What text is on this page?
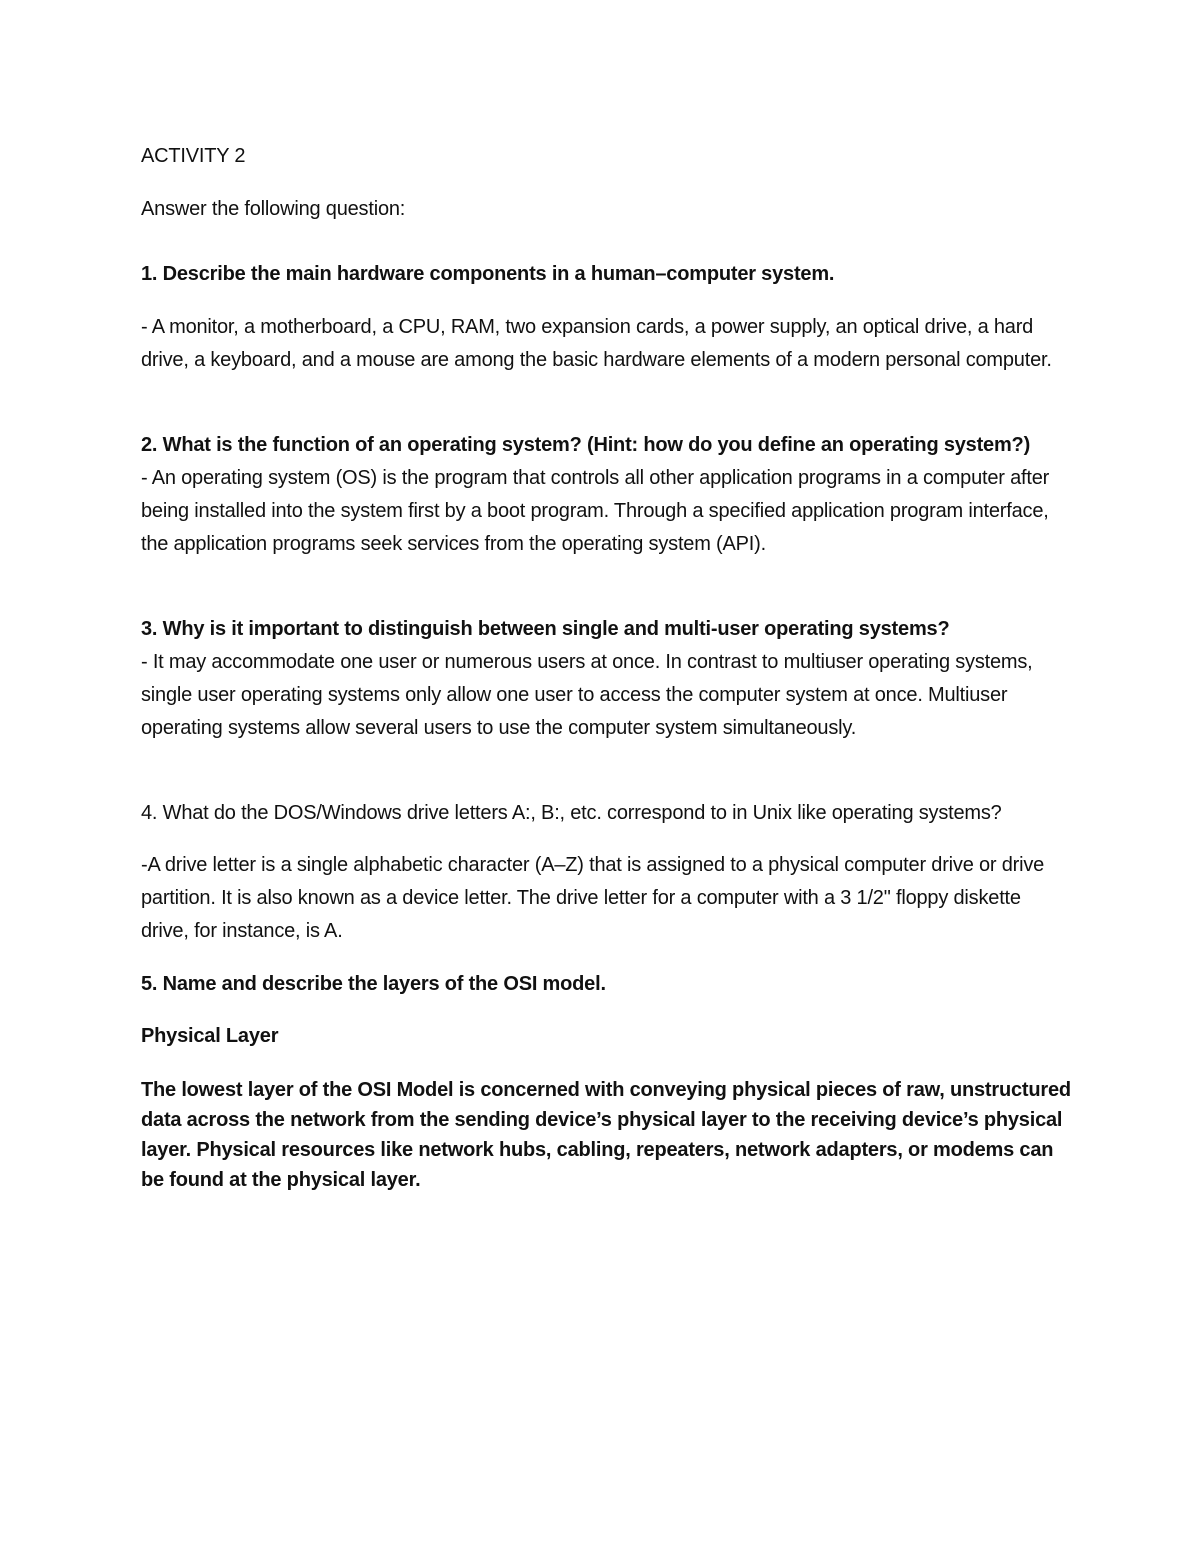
ACTIVITY 2

Answer the following question:

1. Describe the main hardware components in a human–computer system.

- A monitor, a motherboard, a CPU, RAM, two expansion cards, a power supply, an optical drive, a hard drive, a keyboard, and a mouse are among the basic hardware elements of a modern personal computer.

2. What is the function of an operating system? (Hint: how do you define an operating system?)

- An operating system (OS) is the program that controls all other application programs in a computer after being installed into the system first by a boot program. Through a specified application program interface, the application programs seek services from the operating system (API).

3. Why is it important to distinguish between single and multi-user operating systems?

- It may accommodate one user or numerous users at once. In contrast to multiuser operating systems, single user operating systems only allow one user to access the computer system at once. Multiuser operating systems allow several users to use the computer system simultaneously.

4. What do the DOS/Windows drive letters A:, B:, etc. correspond to in Unix like operating systems?

-A drive letter is a single alphabetic character (A–Z) that is assigned to a physical computer drive or drive partition. It is also known as a device letter. The drive letter for a computer with a 3 1/2" floppy diskette drive, for instance, is A.

5. Name and describe the layers of the OSI model.

Physical Layer

The lowest layer of the OSI Model is concerned with conveying physical pieces of raw, unstructured data across the network from the sending device’s physical layer to the receiving device’s physical layer. Physical resources like network hubs, cabling, repeaters, network adapters, or modems can be found at the physical layer.
